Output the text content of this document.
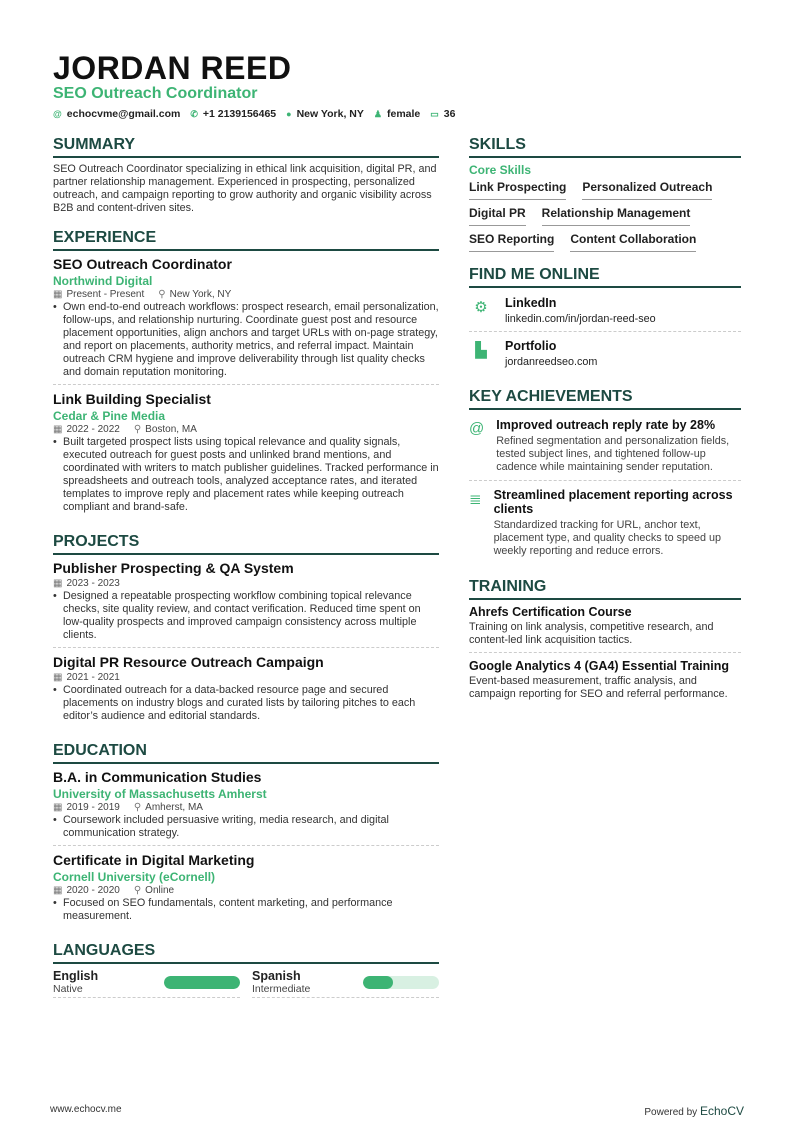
JORDAN REED
SEO Outreach Coordinator
@ echocvme@gmail.com ✆ +1 2139156465 ● New York, NY ♟ female ▭ 36
SUMMARY

SEO Outreach Coordinator specializing in ethical link acquisition, digital PR, and partner relationship management. Experienced in prospecting, personalized outreach, and campaign reporting to grow authority and organic visibility across B2B and content-driven sites.

EXPERIENCE
SEO Outreach Coordinator
Northwind Digital
▦ Present - Present ⚲ New York, NY
• Own end-to-end outreach workflows: prospect research, email personalization, follow-ups, and relationship nurturing. Coordinate guest post and resource placement opportunities, align anchors and target URLs with on-page strategy, and report on placements, authority metrics, and referral impact. Maintain outreach CRM hygiene and improve deliverability through list quality checks and domain reputation monitoring.
Link Building Specialist
Cedar & Pine Media
▦ 2022 - 2022 ⚲ Boston, MA
• Built targeted prospect lists using topical relevance and quality signals, executed outreach for guest posts and unlinked brand mentions, and coordinated with writers to match publisher guidelines. Tracked performance in spreadsheets and outreach tools, analyzed acceptance rates, and iterated templates to improve reply and placement rates while keeping outreach compliant and brand-safe.
PROJECTS
Publisher Prospecting & QA System
▦ 2023 - 2023
• Designed a repeatable prospecting workflow combining topical relevance checks, site quality review, and contact verification. Reduced time spent on low-quality prospects and improved campaign consistency across multiple clients.
Digital PR Resource Outreach Campaign
▦ 2021 - 2021
• Coordinated outreach for a data-backed resource page and secured placements on industry blogs and curated lists by tailoring pitches to each editor’s audience and editorial standards.
EDUCATION
B.A. in Communication Studies
University of Massachusetts Amherst
▦ 2019 - 2019 ⚲ Amherst, MA
• Coursework included persuasive writing, media research, and digital communication strategy.
Certificate in Digital Marketing
Cornell University (eCornell)
▦ 2020 - 2020 ⚲ Online
• Focused on SEO fundamentals, content marketing, and performance measurement.
LANGUAGES
English
Native
Spanish
Intermediate
SKILLS
Core Skills
Link Prospecting Personalized Outreach
Digital PR Relationship Management
SEO Reporting Content Collaboration
FIND ME ONLINE
⚙	LinkedIn
linkedin.com/in/jordan-reed-seo
▙	Portfolio
jordanreedseo.com
KEY ACHIEVEMENTS
@ Improved outreach reply rate by 28%

Refined segmentation and personalization fields, tested subject lines, and tightened follow-up cadence while maintaining sender reputation.

≣ Streamlined placement reporting across clients

Standardized tracking for URL, anchor text, placement type, and quality checks to speed up weekly reporting and reduce errors.

TRAINING
Ahrefs Certification Course

Training on link analysis, competitive research, and content-led link acquisition tactics.

Google Analytics 4 (GA4) Essential Training

Event-based measurement, traffic analysis, and campaign reporting for SEO and referral performance.

www.echocv.me	Powered by EchoCV
